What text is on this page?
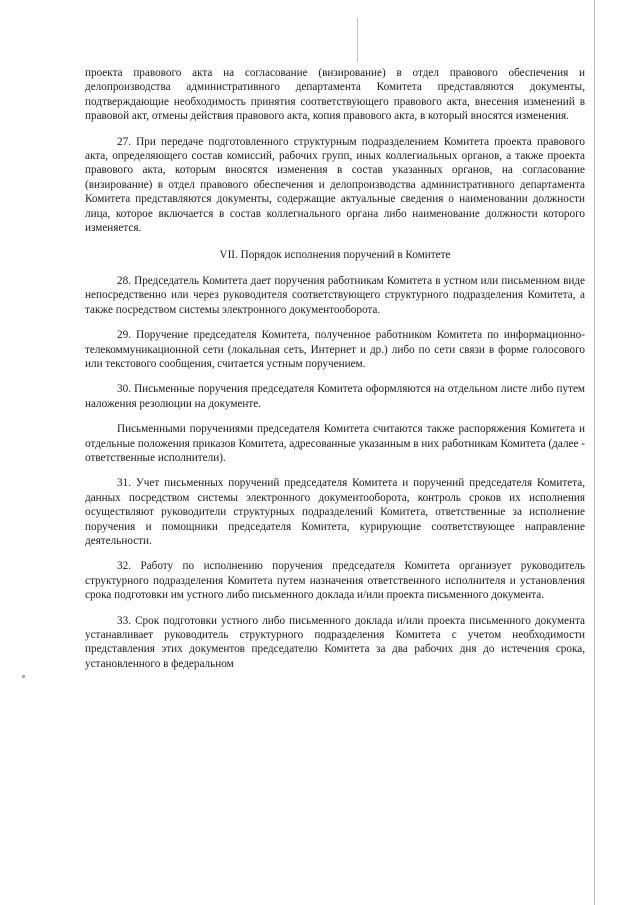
проекта правового акта на согласование (визирование) в отдел правового обеспечения и делопроизводства административного департамента Комитета представляются документы, подтверждающие необходимость принятия соответствующего правового акта, внесения изменений в правовой акт, отмены действия правового акта, копия правового акта, в который вносятся изменения.

27. При передаче подготовленного структурным подразделением Комитета проекта правового акта, определяющего состав комиссий, рабочих групп, иных коллегиальных органов, а также проекта правового акта, которым вносятся изменения в состав указанных органов, на согласование (визирование) в отдел правового обеспечения и делопроизводства административного департамента Комитета представляются документы, содержащие актуальные сведения о наименовании должности лица, которое включается в состав коллегиального органа либо наименование должности которого изменяется.

VII. Порядок исполнения поручений в Комитете

28. Председатель Комитета дает поручения работникам Комитета в устном или письменном виде непосредственно или через руководителя соответствующего структурного подразделения Комитета, а также посредством системы электронного документооборота.

29. Поручение председателя Комитета, полученное работником Комитета по информационно-телекоммуникационной сети (локальная сеть, Интернет и др.) либо по сети связи в форме голосового или текстового сообщения, считается устным поручением.

30. Письменные поручения председателя Комитета оформляются на отдельном листе либо путем наложения резолюции на документе.

Письменными поручениями председателя Комитета считаются также распоряжения Комитета и отдельные положения приказов Комитета, адресованные указанным в них работникам Комитета (далее - ответственные исполнители).

31. Учет письменных поручений председателя Комитета и поручений председателя Комитета, данных посредством системы электронного документооборота, контроль сроков их исполнения осуществляют руководители структурных подразделений Комитета, ответственные за исполнение поручения и помощники председателя Комитета, курирующие соответствующее направление деятельности.

32. Работу по исполнению поручения председателя Комитета организует руководитель структурного подразделения Комитета путем назначения ответственного исполнителя и установления срока подготовки им устного либо письменного доклада и/или проекта письменного документа.

33. Срок подготовки устного либо письменного доклада и/или проекта письменного документа устанавливает руководитель структурного подразделения Комитета с учетом необходимости представления этих документов председателю Комитета за два рабочих дня до истечения срока, установленного в федеральном
